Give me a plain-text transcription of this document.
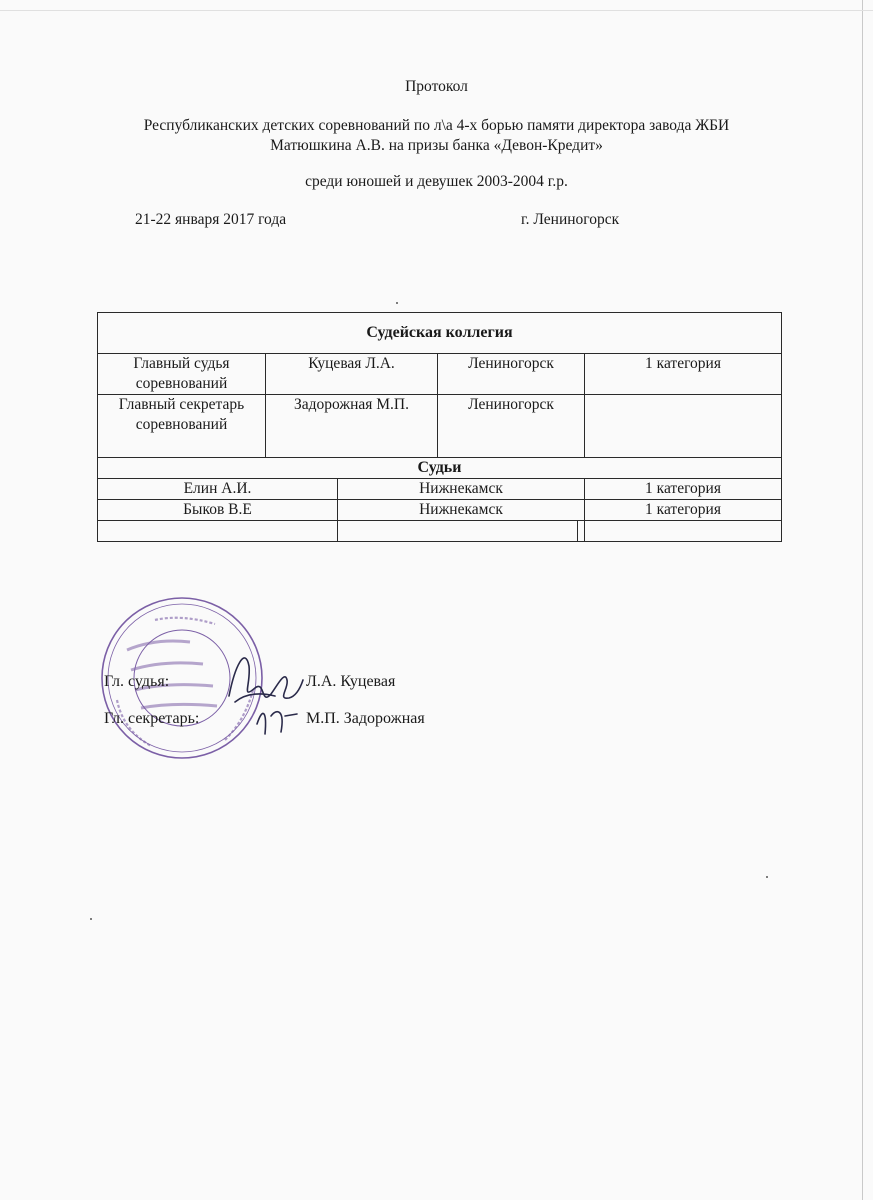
Протокол
Республиканских детских соревнований по л\а 4-х борью памяти директора завода ЖБИ
Матюшкина А.В. на призы банка «Девон-Кредит»
среди юношей и девушек 2003-2004 г.р.
21-22 января 2017 года	г. Лениногорск
Судейская коллегия					
Главный судья соревнований	Куцевая Л.А.		Лениногорск		1 категория
Главный секретарь соревнований	Задорожная М.П.		Лениногорск		
Судьи					
Елин А.И.		Нижнекамск			1 категория
Быков В.Е		Нижнекамск			1 категория

Гл. судья:	Л.А. Куцевая
Гл. секретарь:	М.П. Задорожная
